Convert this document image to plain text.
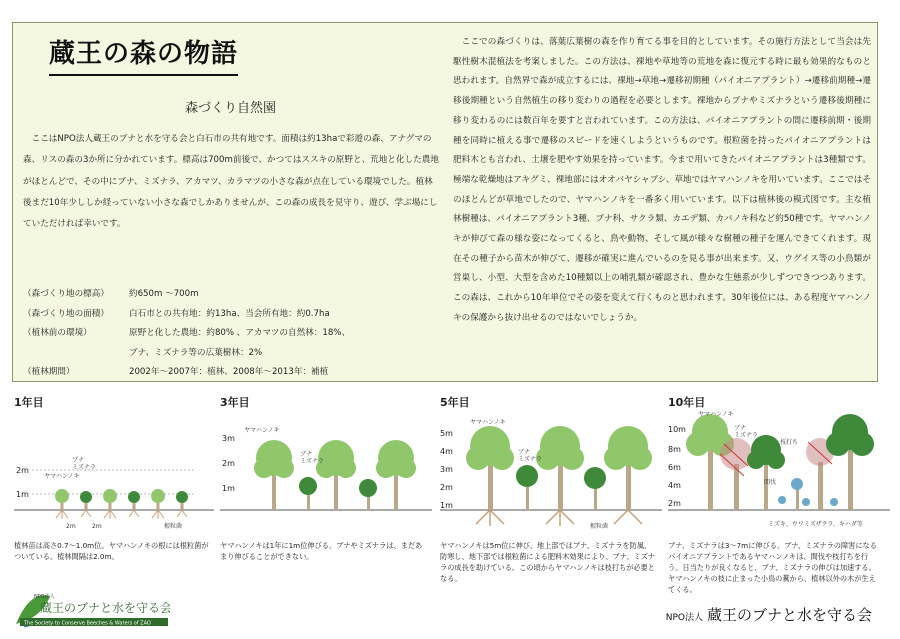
蔵王の森の物語
森づくり自然園
ここはNPO法人蔵王のブナと水を守る会と白石市の共有地です。面積は約13haで彩遊の森、アナグマの森、リスの森の3か所に分かれています。標高は700m前後で、かつてはススキの原野と、荒地と化した農地がほとんどで、その中にブナ、ミズナラ、アカマツ、カラマツの小さな森が点在している環境でした。植林後まだ10年少ししか経っていない小さな森でしかありませんが、この森の成長を見守り、遊び、学ぶ場にしていただければ幸いです。
（森づくり地の標高） 約650m ～700m
（森づくり地の面積） 白石市との共有地：約13ha、当会所有地：約0.7ha
（植林前の環境）	原野と化した農地：約80% 、アカマツの自然林：18%、
ブナ、ミズナラ等の広葉樹林：2%
（植林期間）	2002年～2007年：植林、2008年～2013年：補植
ここでの森づくりは、落葉広葉樹の森を作り育てる事を目的としています。その施行方法として当会は先駆性樹木混植法を考案しました。この方法は、裸地や草地等の荒地を森に復元する時に最も効果的なものと思われます。自然界で森が成立するには、裸地→草地→遷移初期種（パイオニアプラント）→遷移前期種→遷移後期種という自然植生の移り変わりの過程を必要とします。裸地からブナやミズナラという遷移後期種に移り変わるのには数百年を要すと言われています。この方法は、パイオニアプラントの間に遷移前期・後期種を同時に植える事で遷移のスピードを速くしようというものです。根粒菌を持ったパイオニアプラントは肥料木とも言われ、土壌を肥やす効果を持っています。今まで用いてきたパイオニアプラントは3種類です。極端な乾燥地はアキグミ、裸地部にはオオバヤシャブシ、草地ではヤマハンノキを用いています。ここではそのほとんどが草地でしたので、ヤマハンノキを一番多く用いています。以下は植林後の模式図です。主な植林樹種は、パイオニアプラント3種、ブナ科、サクラ類、カエデ類、カバノキ科など約50種です。ヤマハンノキが伸びて森の様な姿になってくると、鳥や動物、そして風が様々な樹種の種子を運んできてくれます。現在その種子から苗木が伸びて、遷移が確実に進んでいるのを見る事が出来ます。又、ウグイス等の小鳥類が営巣し、小型、大型を含めた10種類以上の哺乳類が確認され、豊かな生態系が少しずつできつつあります。この森は、これから10年単位でその姿を変えて行くものと思われます。30年後位には、ある程度ヤマハンノキの保護から抜け出せるのではないでしょうか。
1年目
2m
1m
ヤマハンノキ
ブナミズナラ
2m	2m	根粒菌
植林苗は高さ0.7～1.0m位。ヤマハンノキの根には根粒菌がついている。植林間隔は2.0m。
3年目
3m
2m
1m
ヤマハンノキ
ブナミズナラ
ヤマハンノキは1年に1m位伸びる。ブナやミズナラは、まだあまり伸びることができない。
5年目
5m
4m
3m
2m
1m
ヤマハンノキ
ブナミズナラ
根粒菌
ヤマハンノキは5m位に伸び、地上部ではブナ、ミズナラを防風、防寒し、地下部では根粒菌による肥料木効果により、ブナ、ミズナラの成長を助けている。この頃からヤマハンノキは枝打ちが必要となる。
10年目
10m
8m
6m
4m
2m
ヤマハンノキ
ブナミズナラ
枝打ち
間伐
ミズキ、ウワミズザクラ、キハダ等
ブナ、ミズナラは3～7mに伸びる。ブナ、ミズナラの障害になるパイオニアプラントであるヤマハンノキは、間伐や枝打ちを行う。日当たりが良くなると、ブナ、ミズナラの伸びは加速する。ヤマハンノキの枝に止まった小鳥の糞から、植林以外の木が生えてくる。
NPO法人
蔵王のブナと水を守る会
The Society to Conserve Beeches & Waters of ZAO
NPO法人 蔵王のブナと水を守る会
